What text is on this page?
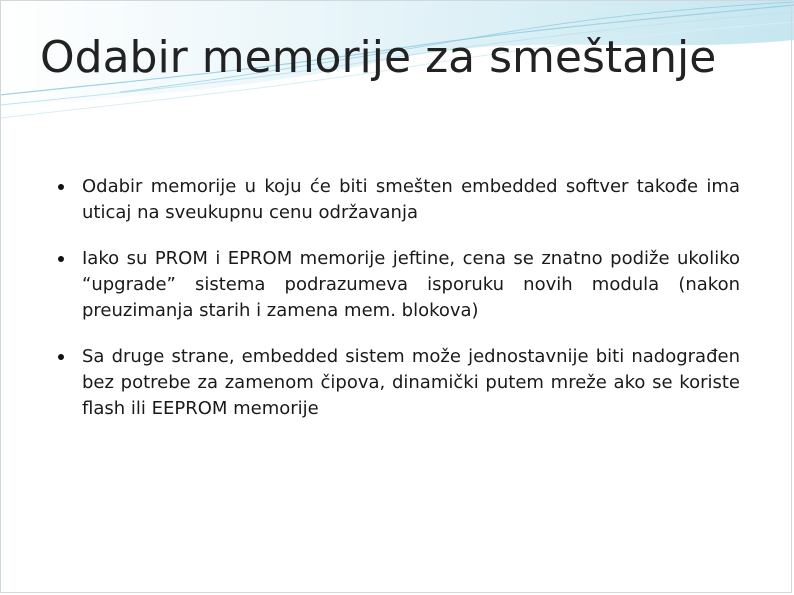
Odabir memorije za smeštanje
Odabir memorije u koju će biti smešten embedded softver takođe ima uticaj na sveukupnu cenu održavanja
Iako su PROM i EPROM memorije jeftine, cena se znatno podiže ukoliko “upgrade” sistema podrazumeva isporuku novih modula (nakon preuzimanja starih i zamena mem. blokova)
Sa druge strane, embedded sistem može jednostavnije biti nadograđen bez potrebe za zamenom čipova, dinamički putem mreže ako se koriste flash ili EEPROM memorije
